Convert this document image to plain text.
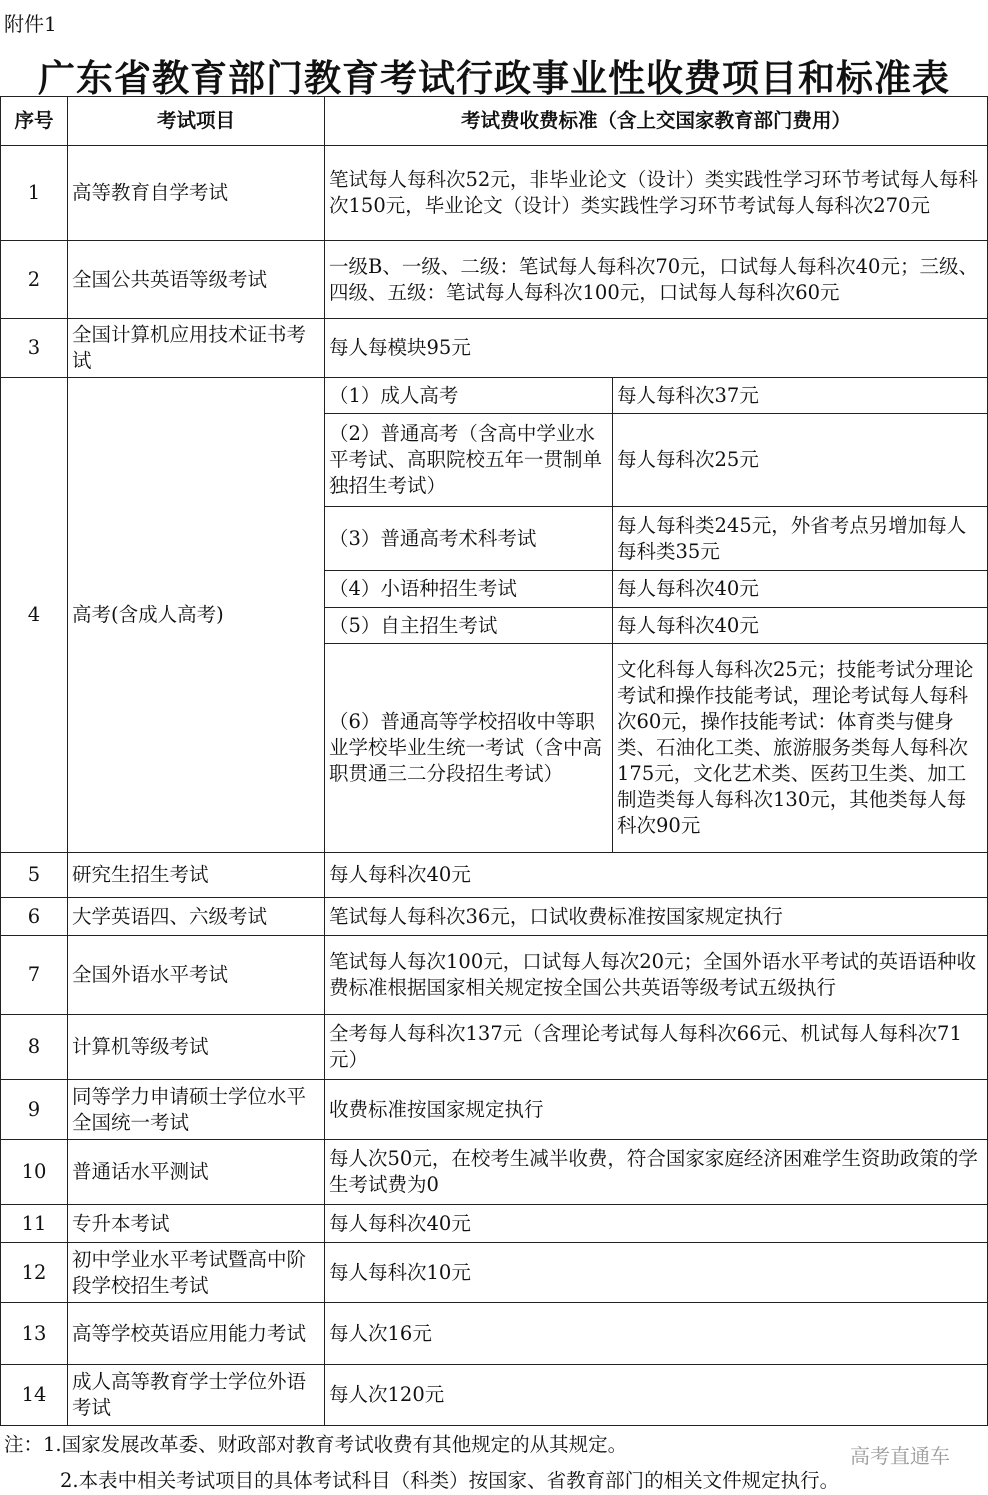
附件1
广东省教育部门教育考试行政事业性收费项目和标准表
序号	考试项目	考试费收费标准（含上交国家教育部门费用）	
1	高等教育自学考试	笔试每人每科次52元，非毕业论文（设计）类实践性学习环节考试每人每科次150元，毕业论文（设计）类实践性学习环节考试每人每科次270元	
2	全国公共英语等级考试	一级B、一级、二级：笔试每人每科次70元，口试每人每科次40元；三级、四级、五级：笔试每人每科次100元，口试每人每科次60元	
3	全国计算机应用技术证书考试	每人每模块95元	
4	高考(含成人高考)	（1）成人高考	每人每科次37元
		（2）普通高考（含高中学业水平考试、高职院校五年一贯制单独招生考试）	每人每科次25元
		（3）普通高考术科考试	每人每科类245元，外省考点另增加每人每科类35元
		（4）小语种招生考试	每人每科次40元
		（5）自主招生考试	每人每科次40元
		（6）普通高等学校招收中等职业学校毕业生统一考试（含中高职贯通三二分段招生考试）	文化科每人每科次25元；技能考试分理论考试和操作技能考试，理论考试每人每科次60元，操作技能考试：体育类与健身类、石油化工类、旅游服务类每人每科次175元，文化艺术类、医药卫生类、加工制造类每人每科次130元，其他类每人每科次90元
5	研究生招生考试	每人每科次40元	
6	大学英语四、六级考试	笔试每人每科次36元，口试收费标准按国家规定执行	
7	全国外语水平考试	笔试每人每次100元，口试每人每次20元；全国外语水平考试的英语语种收费标准根据国家相关规定按全国公共英语等级考试五级执行	
8	计算机等级考试	全考每人每科次137元（含理论考试每人每科次66元、机试每人每科次71元）	
9	同等学力申请硕士学位水平全国统一考试	收费标准按国家规定执行	
10	普通话水平测试	每人次50元，在校考生减半收费，符合国家家庭经济困难学生资助政策的学生考试费为0	
11	专升本考试	每人每科次40元	
12	初中学业水平考试暨高中阶段学校招生考试	每人每科次10元	
13	高等学校英语应用能力考试	每人次16元	
14	成人高等教育学士学位外语考试	每人次120元	
注：1.国家发展改革委、财政部对教育考试收费有其他规定的从其规定。
2.本表中相关考试项目的具体考试科目（科类）按国家、省教育部门的相关文件规定执行。
高考直通车
